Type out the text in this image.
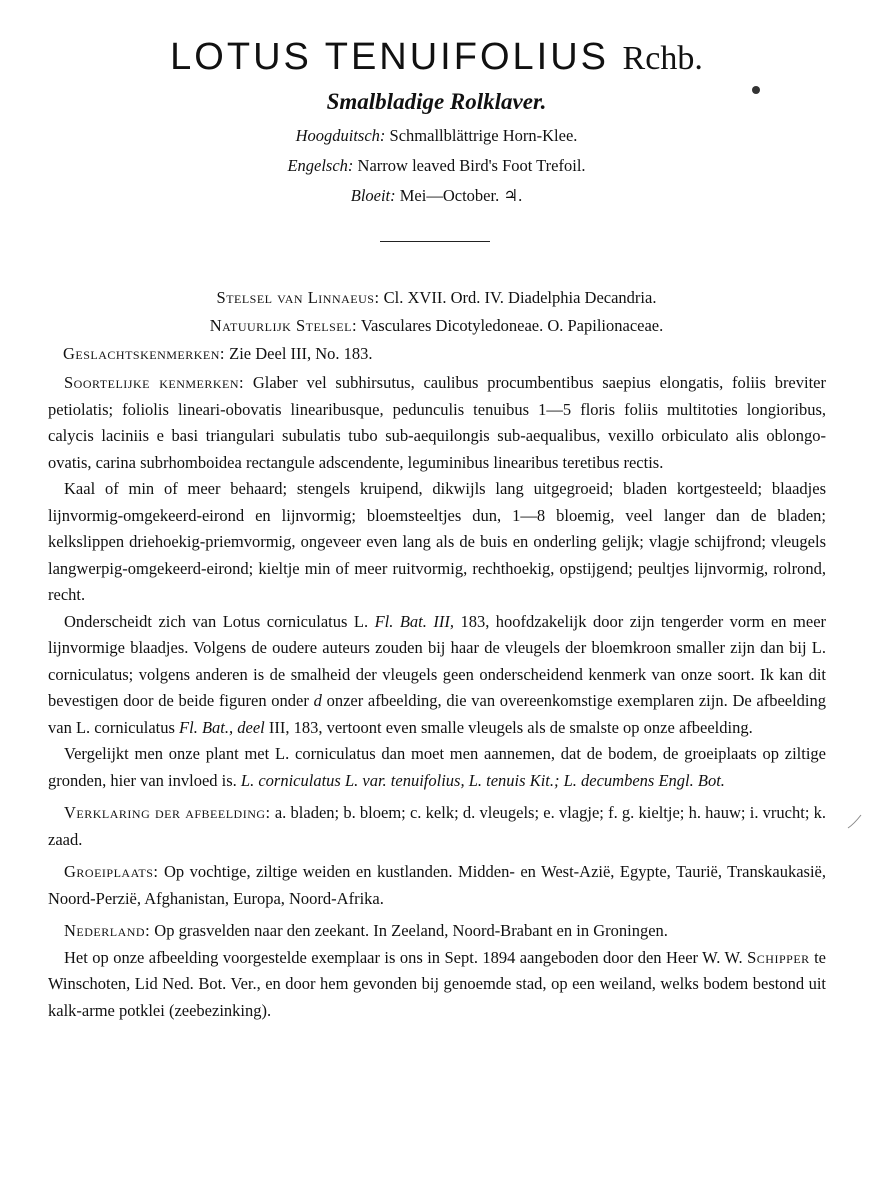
LOTUS TENUIFOLIUS Rchb.
Smalbladige Rolklaver.
Hoogduitsch: Schmallblättrige Horn-Klee.
Engelsch: Narrow leaved Bird's Foot Trefoil.
Bloeit: Mei—October. ♃.
Stelsel van Linnaeus: Cl. XVII. Ord. IV. Diadelphia Decandria.
Natuurlijk Stelsel: Vasculares Dicotyledoneae. O. Papilionaceae.
Geslachtskenmerken: Zie Deel III, No. 183.

Soortelijke kenmerken: Glaber vel subhirsutus, caulibus procumbentibus saepius elongatis, foliis breviter petiolatis; foliolis lineari-obovatis linearibusque, pedunculis tenuibus 1—5 floris foliis multitoties longioribus, calycis laciniis e basi triangulari subulatis tubo sub-aequilongis sub-aequalibus, vexillo orbiculato alis oblongo-ovatis, carina subrhomboidea rectangule adscendente, leguminibus linearibus teretibus rectis.

Kaal of min of meer behaard; stengels kruipend, dikwijls lang uitgegroeid; bladen kortgesteeld; blaadjes lijnvormig-omgekeerd-eirond en lijnvormig; bloemsteeltjes dun, 1—8 bloemig, veel langer dan de bladen; kelkslippen driehoekig-priemvormig, ongeveer even lang als de buis en onderling gelijk; vlagje schijfrond; vleugels langwerpig-omgekeerd-eirond; kieltje min of meer ruitvormig, rechthoekig, opstijgend; peultjes lijnvormig, rolrond, recht.

Onderscheidt zich van Lotus corniculatus L. Fl. Bat. III, 183, hoofdzakelijk door zijn tengerder vorm en meer lijnvormige blaadjes. Volgens de oudere auteurs zouden bij haar de vleugels der bloemkroon smaller zijn dan bij L. corniculatus; volgens anderen is de smalheid der vleugels geen onderscheidend kenmerk van onze soort. Ik kan dit bevestigen door de beide figuren onder d onzer afbeelding, die van overeenkomstige exemplaren zijn. De afbeelding van L. corniculatus Fl. Bat., deel III, 183, vertoont even smalle vleugels als de smalste op onze afbeelding.

Vergelijkt men onze plant met L. corniculatus dan moet men aannemen, dat de bodem, de groeiplaats op ziltige gronden, hier van invloed is. L. corniculatus L. var. tenuifolius, L. tenuis Kit.; L. decumbens Engl. Bot.

Verklaring der afbeelding: a. bladen; b. bloem; c. kelk; d. vleugels; e. vlagje; f. g. kieltje; h. hauw; i. vrucht; k. zaad.

Groeiplaats: Op vochtige, ziltige weiden en kustlanden. Midden- en West-Azië, Egypte, Taurië, Transkaukasië, Noord-Perzië, Afghanistan, Europa, Noord-Afrika.

Nederland: Op grasvelden naar den zeekant. In Zeeland, Noord-Brabant en in Groningen.

Het op onze afbeelding voorgestelde exemplaar is ons in Sept. 1894 aangeboden door den Heer W. W. Schipper te Winschoten, Lid Ned. Bot. Ver., en door hem gevonden bij genoemde stad, op een weiland, welks bodem bestond uit kalk-arme potklei (zeebezinking).
